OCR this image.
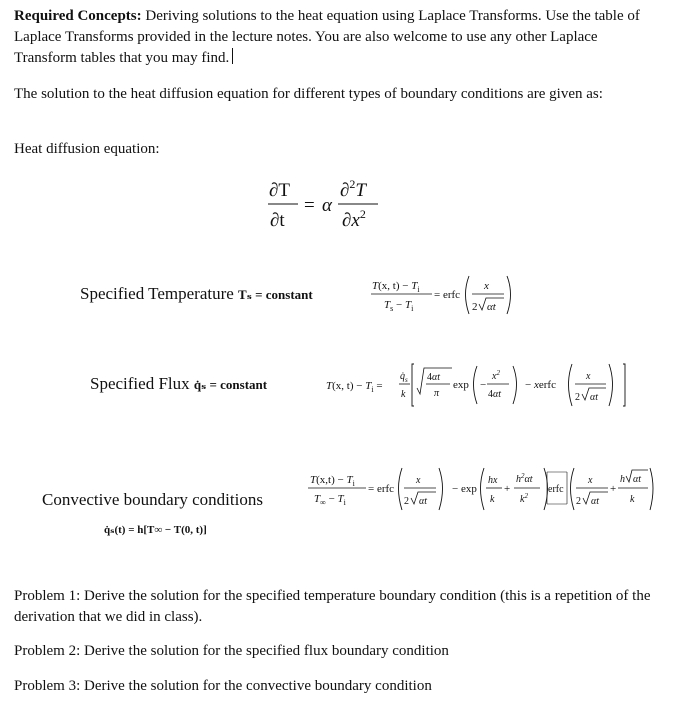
Required Concepts: Deriving solutions to the heat equation using Laplace Transforms. Use the table of Laplace Transforms provided in the lecture notes. You are also welcome to use any other Laplace Transform tables that you may find.
The solution to the heat diffusion equation for different types of boundary conditions are given as:
Heat diffusion equation:
∂T
∂t
= α
∂$^2$T
$\partial x^2$
Specified Temperature Tₛ = constant
T(x, $t) - T_i$
$T_s - T_i$
= erfc
x
2 αt
Specified Flux q̇ₛ = constant	T(x, $t) - T_i$ =
$q̇_s$
k
4αt
π
exp −
$x^2$
4αt
− xerfc
x
2 αt
Convective boundary conditions
q̇ₛ(t) = h[T∞ − T(0, t)]
$T(x,t) - T_i$
$T_\infty - T_i$
= erfc
x
2 αt
− exp
hx
k
+
$h^2\alpha t$
$k^2$
erfc
x
2 αt
+
h αt
k
Problem 1: Derive the solution for the specified temperature boundary condition (this is a repetition of the derivation that we did in class).
Problem 2: Derive the solution for the specified flux boundary condition
Problem 3: Derive the solution for the convective boundary condition
